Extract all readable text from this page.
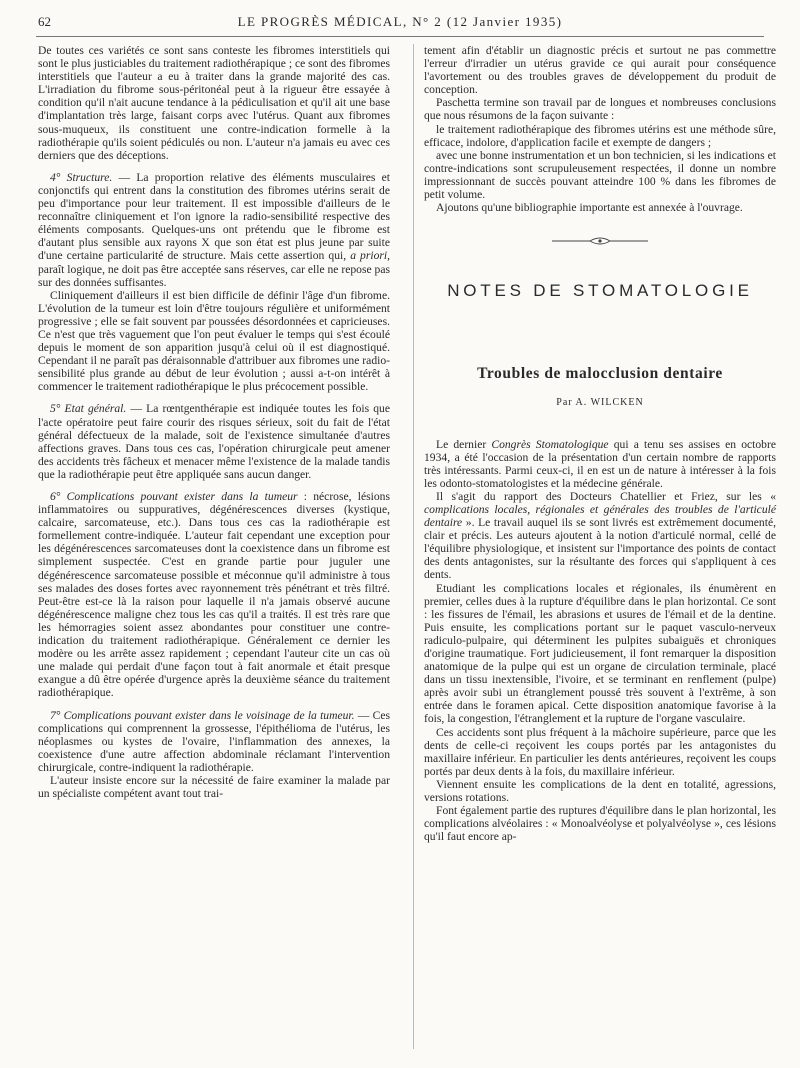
62	LE PROGRÈS MÉDICAL, N° 2 (12 Janvier 1935)

De toutes ces variétés ce sont sans conteste les fibromes interstitiels qui sont le plus justiciables du traitement radiothérapique ; ce sont des fibromes interstitiels que l'auteur a eu à traiter dans la grande majorité des cas. L'irradiation du fibrome sous-péritonéal peut à la rigueur être essayée à condition qu'il n'ait aucune tendance à la pédiculisation et qu'il ait une base d'implantation très large, faisant corps avec l'utérus. Quant aux fibromes sous-muqueux, ils constituent une contre-indication formelle à la radiothérapie qu'ils soient pédiculés ou non. L'auteur n'a jamais eu avec ces derniers que des déceptions.

4° Structure. — La proportion relative des éléments musculaires et conjonctifs qui entrent dans la constitution des fibromes utérins serait de peu d'importance pour leur traitement. Il est impossible d'ailleurs de le reconnaître cliniquement et l'on ignore la radio-sensibilité respective des éléments composants. Quelques-uns ont prétendu que le fibrome est d'autant plus sensible aux rayons X que son état est plus jeune par suite d'une certaine particularité de structure. Mais cette assertion qui, a priori, paraît logique, ne doit pas être acceptée sans réserves, car elle ne repose pas sur des données suffisantes.

Cliniquement d'ailleurs il est bien difficile de définir l'âge d'un fibrome. L'évolution de la tumeur est loin d'être toujours régulière et uniformément progressive ; elle se fait souvent par poussées désordonnées et capricieuses. Ce n'est que très vaguement que l'on peut évaluer le temps qui s'est écoulé depuis le moment de son apparition jusqu'à celui où il est diagnostiqué. Cependant il ne paraît pas déraisonnable d'attribuer aux fibromes une radio-sensibilité plus grande au début de leur évolution ; aussi a-t-on intérêt à commencer le traitement radiothérapique le plus précocement possible.

5° Etat général. — La rœntgenthérapie est indiquée toutes les fois que l'acte opératoire peut faire courir des risques sérieux, soit du fait de l'état général défectueux de la malade, soit de l'existence simultanée d'autres affections graves. Dans tous ces cas, l'opération chirurgicale peut amener des accidents très fâcheux et menacer même l'existence de la malade tandis que la radiothérapie peut être appliquée sans aucun danger.

6° Complications pouvant exister dans la tumeur : nécrose, lésions inflammatoires ou suppuratives, dégénérescences diverses (kystique, calcaire, sarcomateuse, etc.). Dans tous ces cas la radiothérapie est formellement contre-indiquée. L'auteur fait cependant une exception pour les dégénérescences sarcomateuses dont la coexistence dans un fibrome est simplement suspectée. C'est en grande partie pour juguler une dégénérescence sarcomateuse possible et méconnue qu'il administre à tous ses malades des doses fortes avec rayonnement très pénétrant et très filtré. Peut-être est-ce là la raison pour laquelle il n'a jamais observé aucune dégénérescence maligne chez tous les cas qu'il a traités. Il est très rare que les hémorragies soient assez abondantes pour constituer une contre-indication du traitement radiothérapique. Généralement ce dernier les modère ou les arrête assez rapidement ; cependant l'auteur cite un cas où une malade qui perdait d'une façon tout à fait anormale et était presque exangue a dû être opérée d'urgence après la deuxième séance du traitement radiothérapique.

7° Complications pouvant exister dans le voisinage de la tumeur. — Ces complications qui comprennent la grossesse, l'épithélioma de l'utérus, les néoplasmes ou kystes de l'ovaire, l'inflammation des annexes, la coexistence d'une autre affection abdominale réclamant l'intervention chirurgicale, contre-indiquent la radiothérapie.

L'auteur insiste encore sur la nécessité de faire examiner la malade par un spécialiste compétent avant tout trai-

tement afin d'établir un diagnostic précis et surtout ne pas commettre l'erreur d'irradier un utérus gravide ce qui aurait pour conséquence l'avortement ou des troubles graves de développement du produit de conception.

Paschetta termine son travail par de longues et nombreuses conclusions que nous résumons de la façon suivante :

le traitement radiothérapique des fibromes utérins est une méthode sûre, efficace, indolore, d'application facile et exempte de dangers ;

avec une bonne instrumentation et un bon technicien, si les indications et contre-indications sont scrupuleusement respectées, il donne un nombre impressionnant de succès pouvant atteindre 100 % dans les fibromes de petit volume.

Ajoutons qu'une bibliographie importante est annexée à l'ouvrage.

NOTES DE STOMATOLOGIE
Troubles de malocclusion dentaire
Par A. WILCKEN

Le dernier Congrès Stomatologique qui a tenu ses assises en octobre 1934, a été l'occasion de la présentation d'un certain nombre de rapports très intéressants. Parmi ceux-ci, il en est un de nature à intéresser à la fois les odonto-stomatologistes et la médecine générale.

Il s'agit du rapport des Docteurs Chatellier et Friez, sur les « complications locales, régionales et générales des troubles de l'articulé dentaire ». Le travail auquel ils se sont livrés est extrêmement documenté, clair et précis. Les auteurs ajoutent à la notion d'articulé normal, cellé de l'équilibre physiologique, et insistent sur l'importance des points de contact des dents antagonistes, sur la résultante des forces qui s'appliquent à ces dents.

Etudiant les complications locales et régionales, ils énumèrent en premier, celles dues à la rupture d'équilibre dans le plan horizontal. Ce sont : les fissures de l'émail, les abrasions et usures de l'émail et de la dentine. Puis ensuite, les complications portant sur le paquet vasculo-nerveux radiculo-pulpaire, qui déterminent les pulpites subaiguës et chroniques d'origine traumatique. Fort judicieusement, il font remarquer la disposition anatomique de la pulpe qui est un organe de circulation terminale, placé dans un tissu inextensible, l'ivoire, et se terminant en renflement (pulpe) après avoir subi un étranglement poussé très souvent à l'extrême, à son entrée dans le foramen apical. Cette disposition anatomique favorise à la fois, la congestion, l'étranglement et la rupture de l'organe vasculaire.

Ces accidents sont plus fréquent à la mâchoire supérieure, parce que les dents de celle-ci reçoivent les coups portés par les antagonistes du maxillaire inférieur. En particulier les dents antérieures, reçoivent les coups portés par deux dents à la fois, du maxillaire inférieur.

Viennent ensuite les complications de la dent en totalité, agressions, versions rotations.

Font également partie des ruptures d'équilibre dans le plan horizontal, les complications alvéolaires : « Monoalvéolyse et polyalvéolyse », ces lésions qu'il faut encore ap-
